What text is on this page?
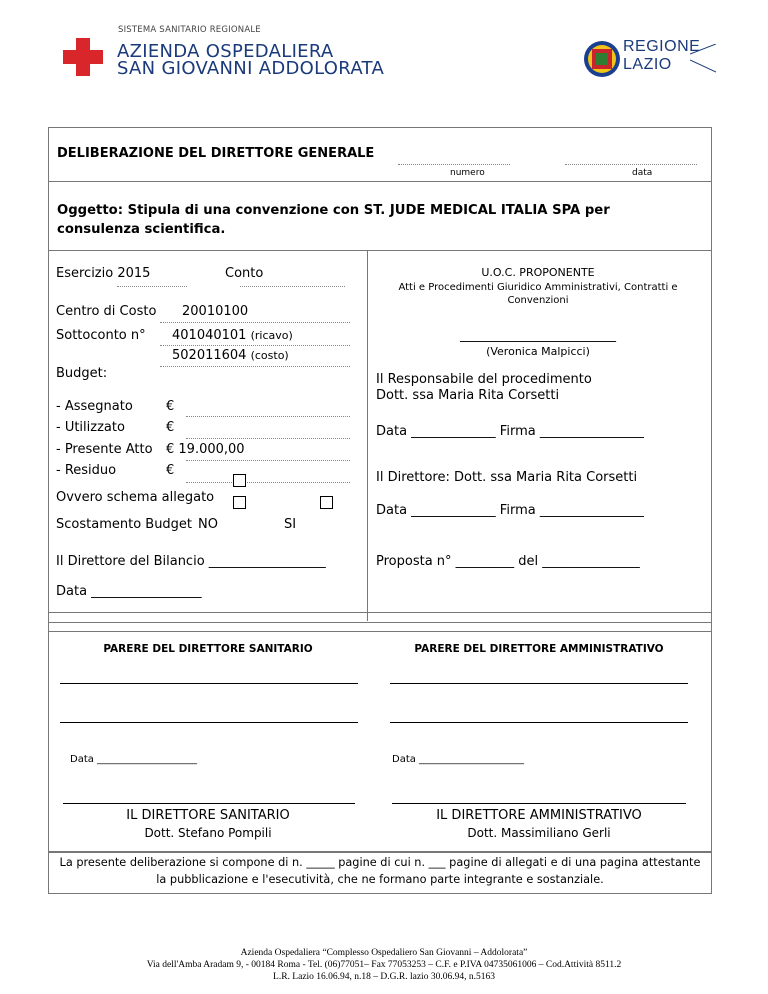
SISTEMA SANITARIO REGIONALE
AZIENDA OSPEDALIERA
SAN GIOVANNI ADDOLORATA
REGIONE
LAZIO
DELIBERAZIONE DEL DIRETTORE GENERALE
numero	data
Oggetto: Stipula di una convenzione con ST. JUDE MEDICAL ITALIA SPA per
consulenza scientifica.
Esercizio 2015	Conto
Centro di Costo 20010100
Sottoconto n° 401040101 (ricavo)
502011604 (costo)
Budget:
- Assegnato	€
- Utilizzato	€
- Presente Atto € 19.000,00
- Residuo	€
Ovvero schema allegato
Scostamento Budget NO	SI
Il Direttore del Bilancio __________________
Data _________________
U.O.C. PROPONENTE
Atti e Procedimenti Giuridico Amministrativi, Contratti e
Convenzioni
________________________
(Veronica Malpicci)
Il Responsabile del procedimento
Dott. ssa Maria Rita Corsetti
Data _____________ Firma ________________
Il Direttore: Dott. ssa Maria Rita Corsetti
Data _____________ Firma ________________
Proposta n° _________ del _______________
PARERE DEL DIRETTORE SANITARIO	PARERE DEL DIRETTORE AMMINISTRATIVO
Data ____________________	Data _____________________
IL DIRETTORE SANITARIO
Dott. Stefano Pompili
IL DIRETTORE AMMINISTRATIVO
Dott. Massimiliano Gerli
La presente deliberazione si compone di n. _____ pagine di cui n. ___ pagine di allegati e di una pagina attestante
la pubblicazione e l'esecutività, che ne formano parte integrante e sostanziale.
Azienda Ospedaliera “Complesso Ospedaliero San Giovanni – Addolorata”
Via dell'Amba Aradam 9, - 00184 Roma - Tel. (06)77051– Fax 77053253 – C.F. e P.IVA 04735061006 – Cod.Attività 8511.2
L.R. Lazio 16.06.94, n.18 – D.G.R. lazio 30.06.94, n.5163
